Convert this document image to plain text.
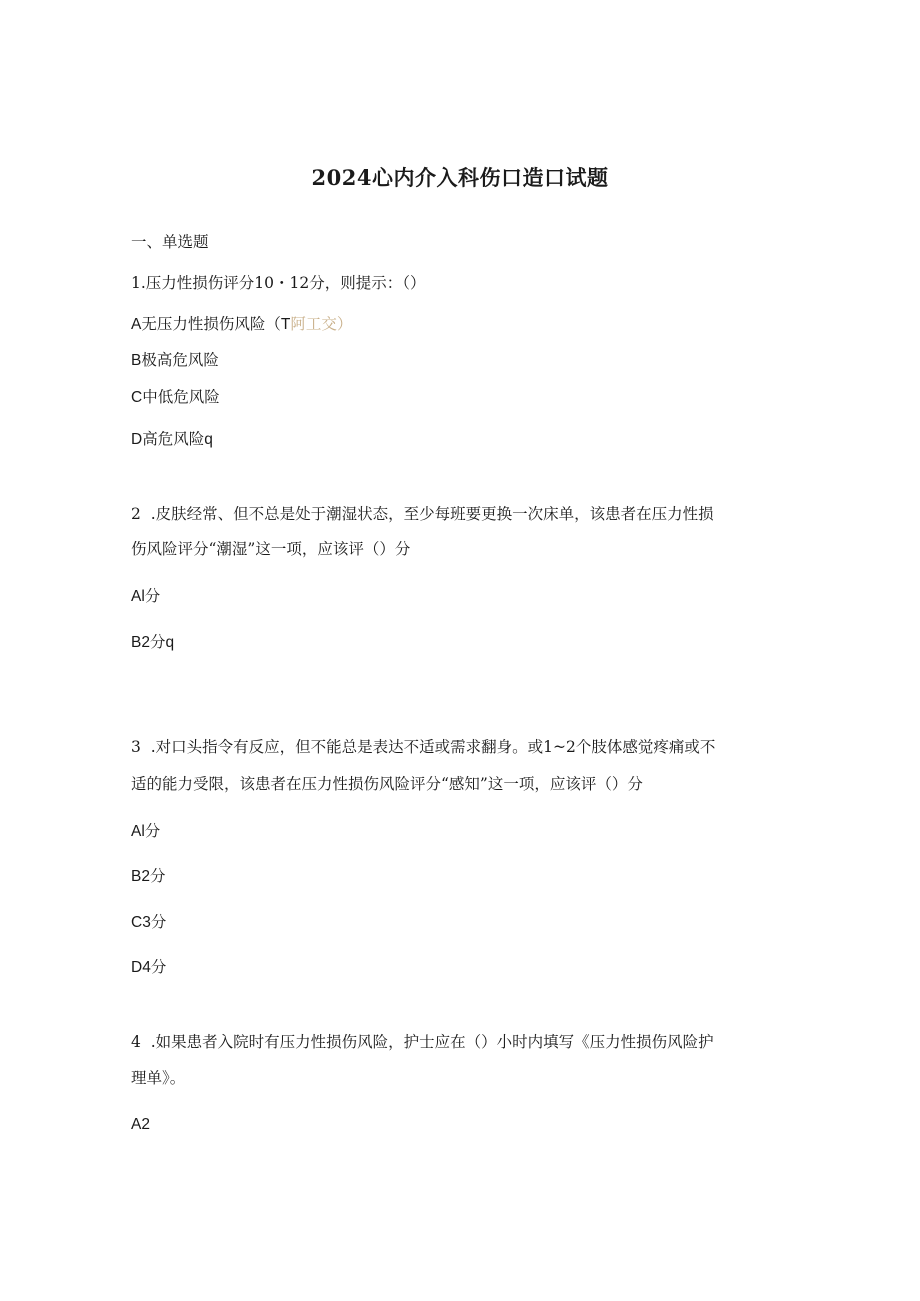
2024心内介入科伤口造口试题
一、单选题
1.压力性损伤评分10・12分，则提示：（）
A无压力性损伤风险（T阿工交）
B极高危风险
C中低危风险
D高危风险q
2  .皮肤经常、但不总是处于潮湿状态，至少每班要更换一次床单，该患者在压力性损
伤风险评分“潮湿”这一项，应该评（）分
Al分
B2分q
3  .对口头指令有反应，但不能总是表达不适或需求翻身。或1~2个肢体感觉疼痛或不
适的能力受限，该患者在压力性损伤风险评分“感知”这一项，应该评（）分
Al分
B2分
C3分
D4分
4  .如果患者入院时有压力性损伤风险，护士应在（）小时内填写《压力性损伤风险护
理单》。
A2
